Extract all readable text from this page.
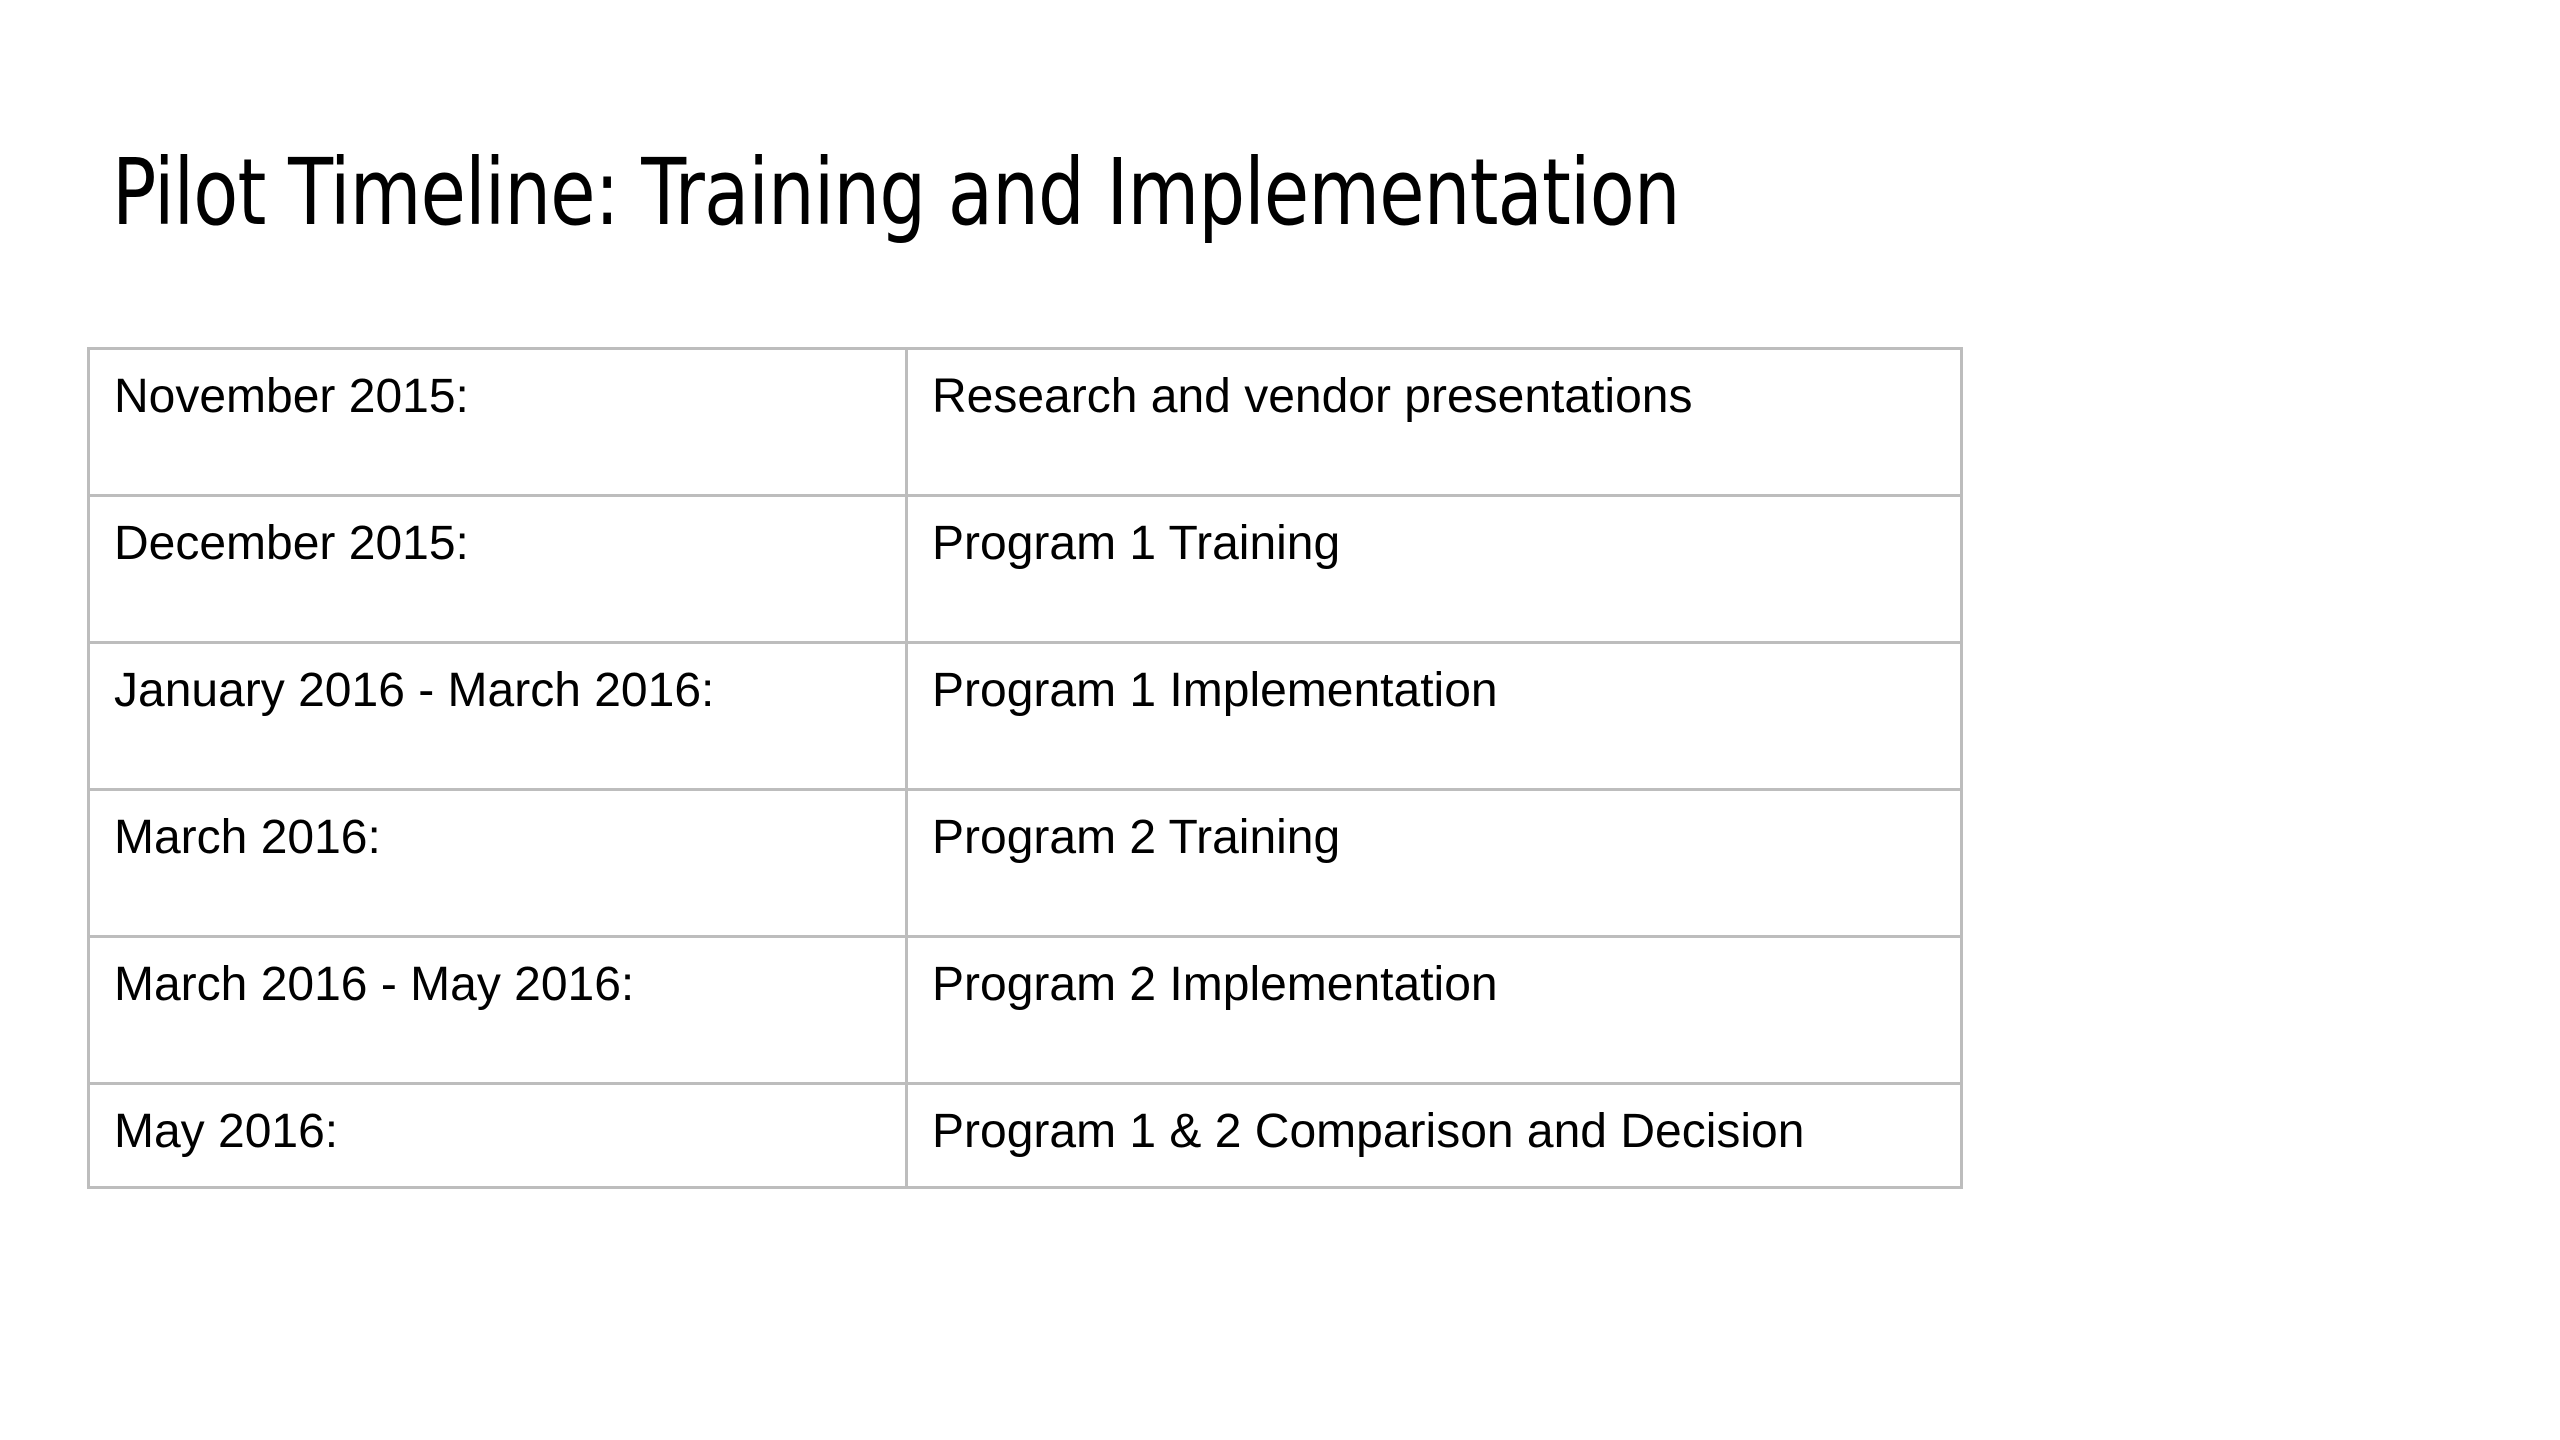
Pilot Timeline: Training and Implementation
November 2015:	Research and vendor presentations
December 2015:	Program 1 Training
January 2016 - March 2016:	Program 1 Implementation
March 2016:	Program 2 Training
March 2016 - May 2016:	Program 2 Implementation
May 2016:	Program 1 & 2 Comparison and Decision
